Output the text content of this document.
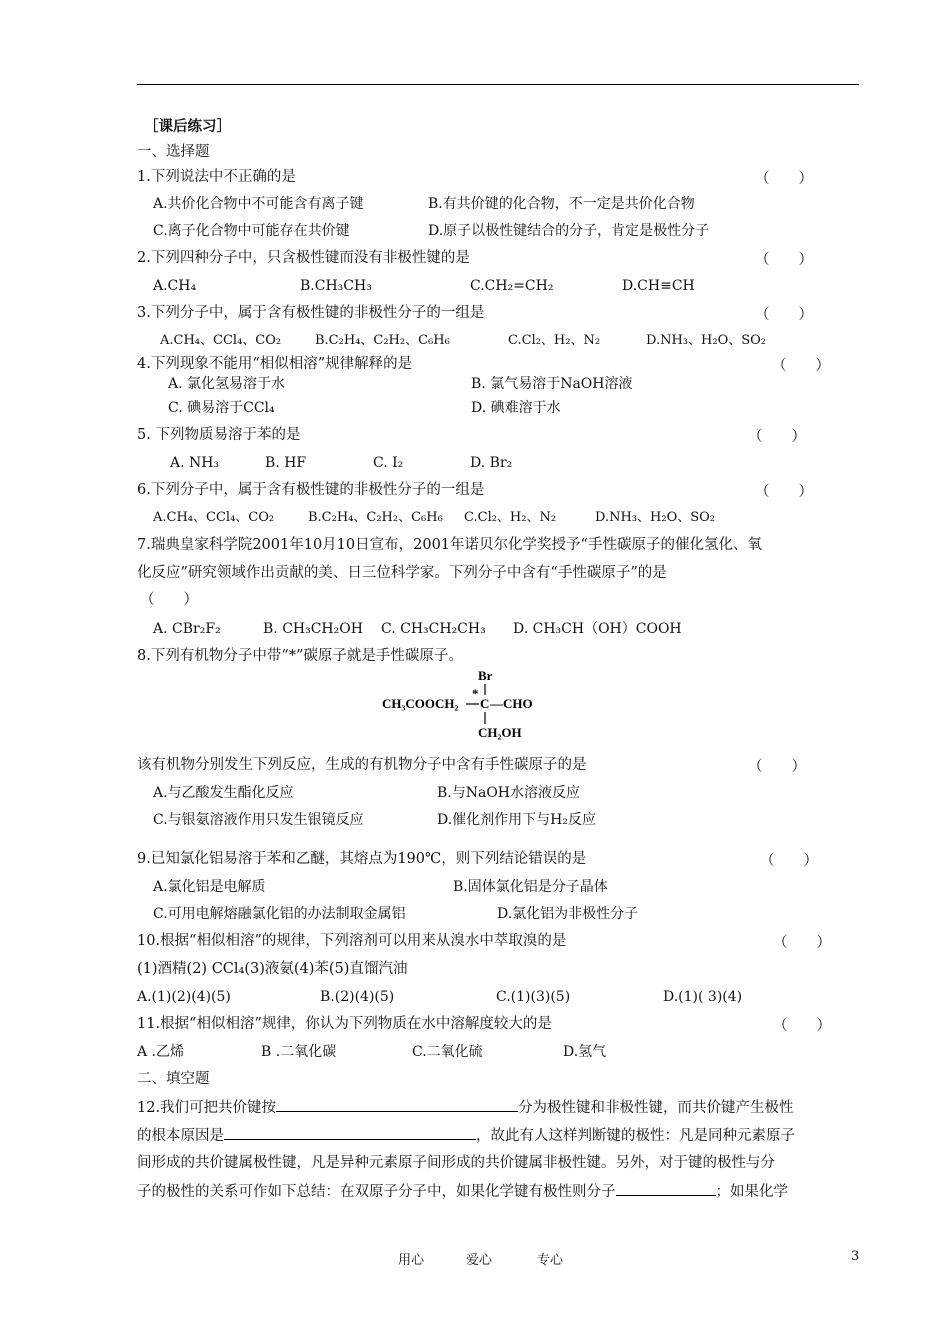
［课后练习］
一、选择题
1.下列说法中不正确的是	（　　）
A.共价化合物中不可能含有离子键	B.有共价键的化合物，不一定是共价化合物
C.离子化合物中可能存在共价键	D.原子以极性键结合的分子，肯定是极性分子
2.下列四种分子中，只含极性键而没有非极性键的是	（　　）
A.CH₄	B.CH₃CH₃	C.CH₂=CH₂	D.CH≡CH
3.下列分子中，属于含有极性键的非极性分子的一组是	（　　）
A.CH₄、CCl₄、CO₂	B.C₂H₄、C₂H₂、C₆H₆	C.Cl₂、H₂、N₂	D.NH₃、H₂O、SO₂
4.下列现象不能用“相似相溶”规律解释的是	（　　）
A. 氯化氢易溶于水	B. 氯气易溶于NaOH溶液
C. 碘易溶于CCl₄	D. 碘难溶于水
5. 下列物质易溶于苯的是	（　　）
A. NH₃	B. HF	C. I₂	D. Br₂
6.下列分子中，属于含有极性键的非极性分子的一组是	（　　）
A.CH₄、CCl₄、CO₂	B.C₂H₄、C₂H₂、C₆H₆ C.Cl₂、H₂、N₂	D.NH₃、H₂O、SO₂
7.瑞典皇家科学院2001年10月10日宣布，2001年诺贝尔化学奖授予“手性碳原子的催化氢化、氧
化反应”研究领域作出贡献的美、日三位科学家。下列分子中含有“手性碳原子”的是
（　　）
A. CBr₂F₂	B. CH₃CH₂OH C. CH₃CH₂CH₃ D. CH₃CH（OH）COOH
8.下列有机物分子中带“*”碳原子就是手性碳原子。
Br
CH₃COOCH₂
*
C —CHO
CH₂OH
该有机物分别发生下列反应，生成的有机物分子中含有手性碳原子的是	（　　）
A.与乙酸发生酯化反应	B.与NaOH水溶液反应
C.与银氨溶液作用只发生银镜反应	D.催化剂作用下与H₂反应
9.已知氯化铝易溶于苯和乙醚，其熔点为190℃，则下列结论错误的是	（　　）
A.氯化铝是电解质	B.固体氯化铝是分子晶体
C.可用电解熔融氯化铝的办法制取金属铝	D.氯化铝为非极性分子
10.根据“相似相溶”的规律，下列溶剂可以用来从溴水中萃取溴的是	（　　）
(1)酒精(2) CCl₄(3)液氨(4)苯(5)直馏汽油
A.(1)(2)(4)(5)	B.(2)(4)(5)	C.(1)(3)(5)	D.(1)( 3)(4)
11.根据“相似相溶”规律，你认为下列物质在水中溶解度较大的是	（　　）
A .乙烯	B .二氧化碳	C.二氧化硫	D.氢气
二、填空题
12.我们可把共价键按	分为极性键和非极性键，而共价键产生极性
的根本原因是	，故此有人这样判断键的极性：凡是同种元素原子
间形成的共价键属极性键，凡是异种元素原子间形成的共价键属非极性键。另外，对于键的极性与分
子的极性的关系可作如下总结：在双原子分子中，如果化学键有极性则分子	；如果化学
用心	爱心	专心	3
